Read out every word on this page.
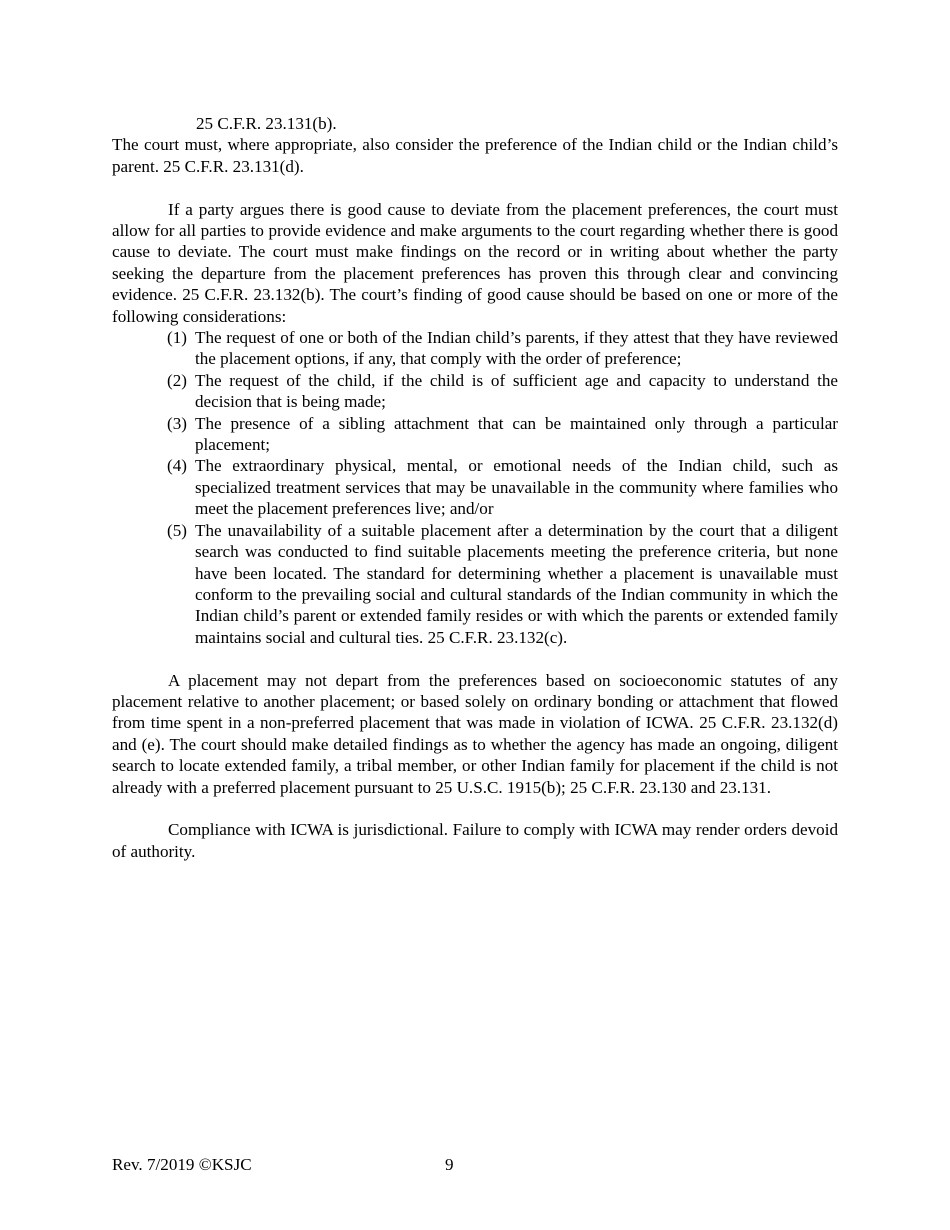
25 C.F.R. 23.131(b).

The court must, where appropriate, also consider the preference of the Indian child or the Indian child’s parent. 25 C.F.R. 23.131(d).

If a party argues there is good cause to deviate from the placement preferences, the court must allow for all parties to provide evidence and make arguments to the court regarding whether there is good cause to deviate. The court must make findings on the record or in writing about whether the party seeking the departure from the placement preferences has proven this through clear and convincing evidence. 25 C.F.R. 23.132(b). The court’s finding of good cause should be based on one or more of the following considerations:

(1) The request of one or both of the Indian child’s parents, if they attest that they have reviewed the placement options, if any, that comply with the order of preference;
(2) The request of the child, if the child is of sufficient age and capacity to understand the decision that is being made;
(3) The presence of a sibling attachment that can be maintained only through a particular placement;
(4) The extraordinary physical, mental, or emotional needs of the Indian child, such as specialized treatment services that may be unavailable in the community where families who meet the placement preferences live; and/or
(5) The unavailability of a suitable placement after a determination by the court that a diligent search was conducted to find suitable placements meeting the preference criteria, but none have been located. The standard for determining whether a placement is unavailable must conform to the prevailing social and cultural standards of the Indian community in which the Indian child’s parent or extended family resides or with which the parents or extended family maintains social and cultural ties. 25 C.F.R. 23.132(c).

A placement may not depart from the preferences based on socioeconomic statutes of any placement relative to another placement; or based solely on ordinary bonding or attachment that flowed from time spent in a non-preferred placement that was made in violation of ICWA. 25 C.F.R. 23.132(d) and (e). The court should make detailed findings as to whether the agency has made an ongoing, diligent search to locate extended family, a tribal member, or other Indian family for placement if the child is not already with a preferred placement pursuant to 25 U.S.C. 1915(b); 25 C.F.R. 23.130 and 23.131.

Compliance with ICWA is jurisdictional. Failure to comply with ICWA may render orders devoid of authority.

Rev. 7/2019 ©KSJC	9
